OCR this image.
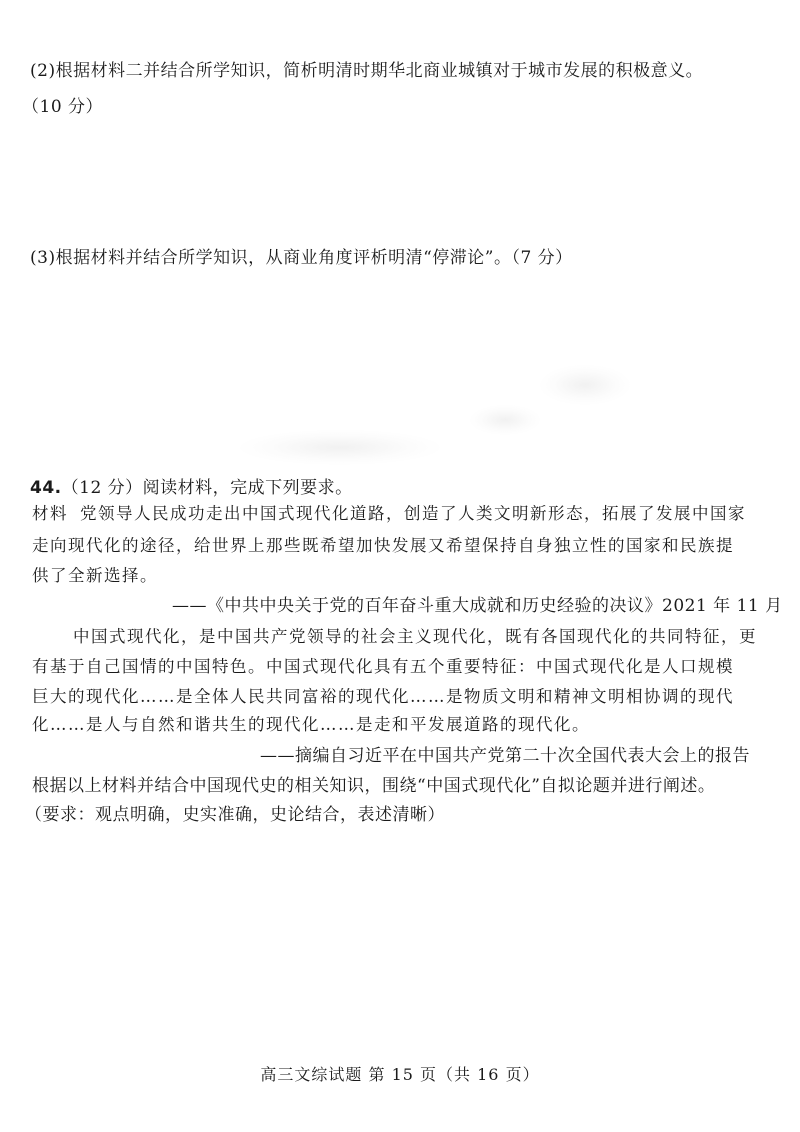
(2)根据材料二并结合所学知识，简析明清时期华北商业城镇对于城市发展的积极意义。
（10 分）
(3)根据材料并结合所学知识，从商业角度评析明清“停滞论”。（7 分）
44.（12 分）阅读材料，完成下列要求。
材料 党领导人民成功走出中国式现代化道路，创造了人类文明新形态，拓展了发展中国家
走向现代化的途径，给世界上那些既希望加快发展又希望保持自身独立性的国家和民族提
供了全新选择。
——《中共中央关于党的百年奋斗重大成就和历史经验的决议》2021 年 11 月
中国式现代化，是中国共产党领导的社会主义现代化，既有各国现代化的共同特征，更
有基于自己国情的中国特色。中国式现代化具有五个重要特征：中国式现代化是人口规模
巨大的现代化……是全体人民共同富裕的现代化……是物质文明和精神文明相协调的现代
化……是人与自然和谐共生的现代化……是走和平发展道路的现代化。
——摘编自习近平在中国共产党第二十次全国代表大会上的报告
根据以上材料并结合中国现代史的相关知识，围绕“中国式现代化”自拟论题并进行阐述。
（要求：观点明确，史实准确，史论结合，表述清晰）
高三文综试题 第 15 页（共 16 页）
